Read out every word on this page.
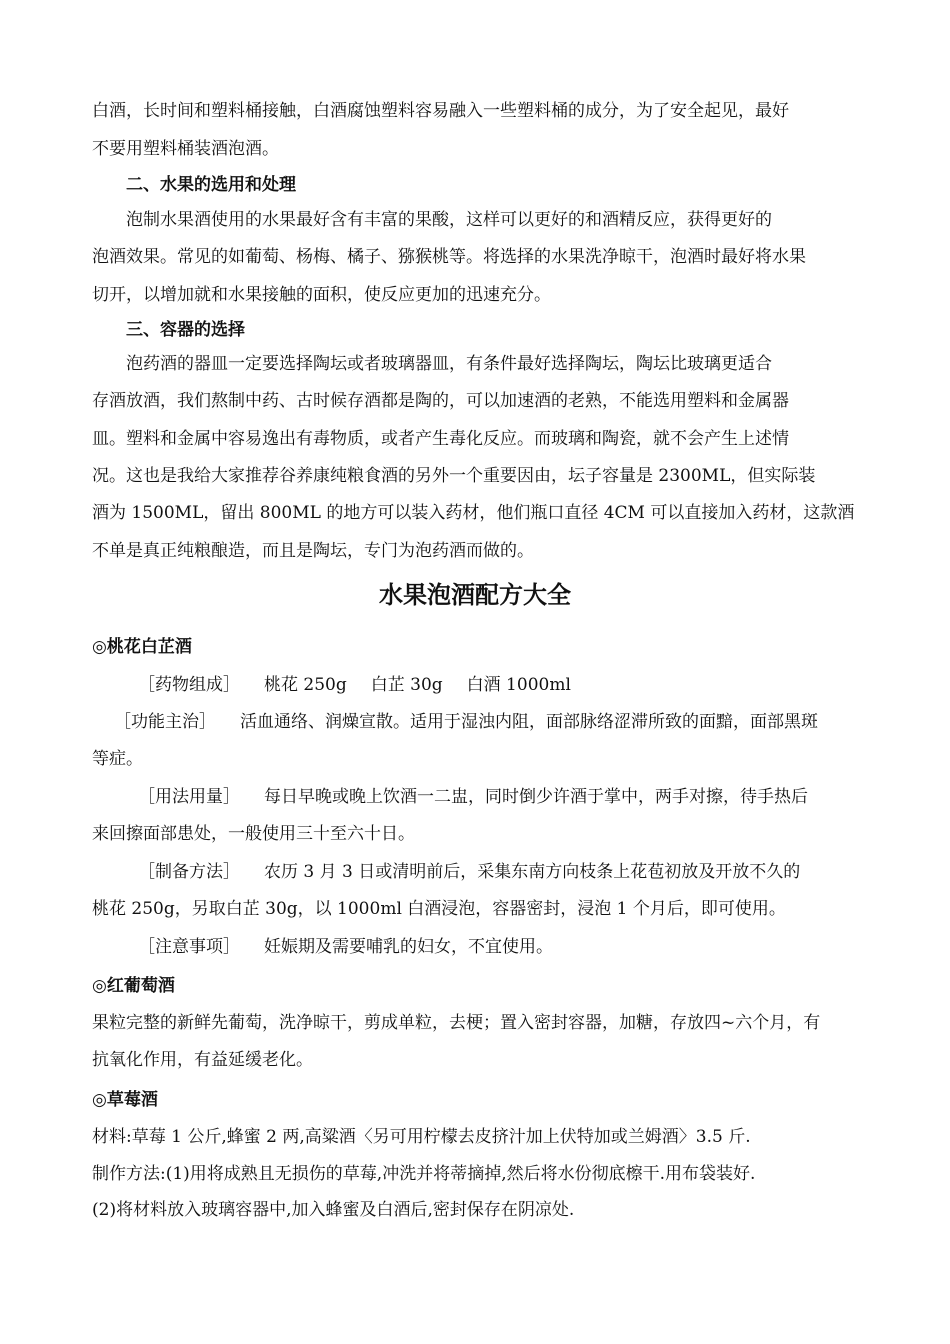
白酒，长时间和塑料桶接触，白酒腐蚀塑料容易融入一些塑料桶的成分，为了安全起见，最好
不要用塑料桶装酒泡酒。
二、水果的选用和处理
泡制水果酒使用的水果最好含有丰富的果酸，这样可以更好的和酒精反应，获得更好的
泡酒效果。常见的如葡萄、杨梅、橘子、猕猴桃等。将选择的水果洗净晾干，泡酒时最好将水果
切开，以增加就和水果接触的面积，使反应更加的迅速充分。
三、容器的选择
泡药酒的器皿一定要选择陶坛或者玻璃器皿，有条件最好选择陶坛，陶坛比玻璃更适合
存酒放酒，我们熬制中药、古时候存酒都是陶的，可以加速酒的老熟，不能选用塑料和金属器
皿。塑料和金属中容易逸出有毒物质，或者产生毒化反应。而玻璃和陶瓷，就不会产生上述情
况。这也是我给大家推荐谷养康纯粮食酒的另外一个重要因由，坛子容量是 2300ML，但实际装
酒为 1500ML，留出 800ML 的地方可以装入药材，他们瓶口直径 4CM 可以直接加入药材，这款酒
不单是真正纯粮酿造，而且是陶坛，专门为泡药酒而做的。
水果泡酒配方大全
◎桃花白芷酒
［药物组成］ 桃花 250g 白芷 30g 白酒 1000ml
［功能主治］ 活血通络、润燥宣散。适用于湿浊内阻，面部脉络涩滞所致的面黯，面部黑斑
等症。
［用法用量］ 每日早晚或晚上饮酒一二盅，同时倒少许酒于掌中，两手对擦，待手热后
来回擦面部患处，一般使用三十至六十日。
［制备方法］ 农历 3 月 3 日或清明前后，采集东南方向枝条上花苞初放及开放不久的
桃花 250g，另取白芷 30g，以 1000ml 白酒浸泡，容器密封，浸泡 1 个月后，即可使用。
［注意事项］ 妊娠期及需要哺乳的妇女，不宜使用。
◎红葡萄酒
果粒完整的新鲜先葡萄，洗净晾干，剪成单粒，去梗；置入密封容器，加糖，存放四~六个月，有
抗氧化作用，有益延缓老化。
◎草莓酒
材料:草莓 1 公斤,蜂蜜 2 两,高粱酒〈另可用柠檬去皮挤汁加上伏特加或兰姆酒〉3.5 斤.
制作方法:(1)用将成熟且无损伤的草莓,冲洗并将蒂摘掉,然后将水份彻底檫干.用布袋装好.
(2)将材料放入玻璃容器中,加入蜂蜜及白酒后,密封保存在阴凉处.
